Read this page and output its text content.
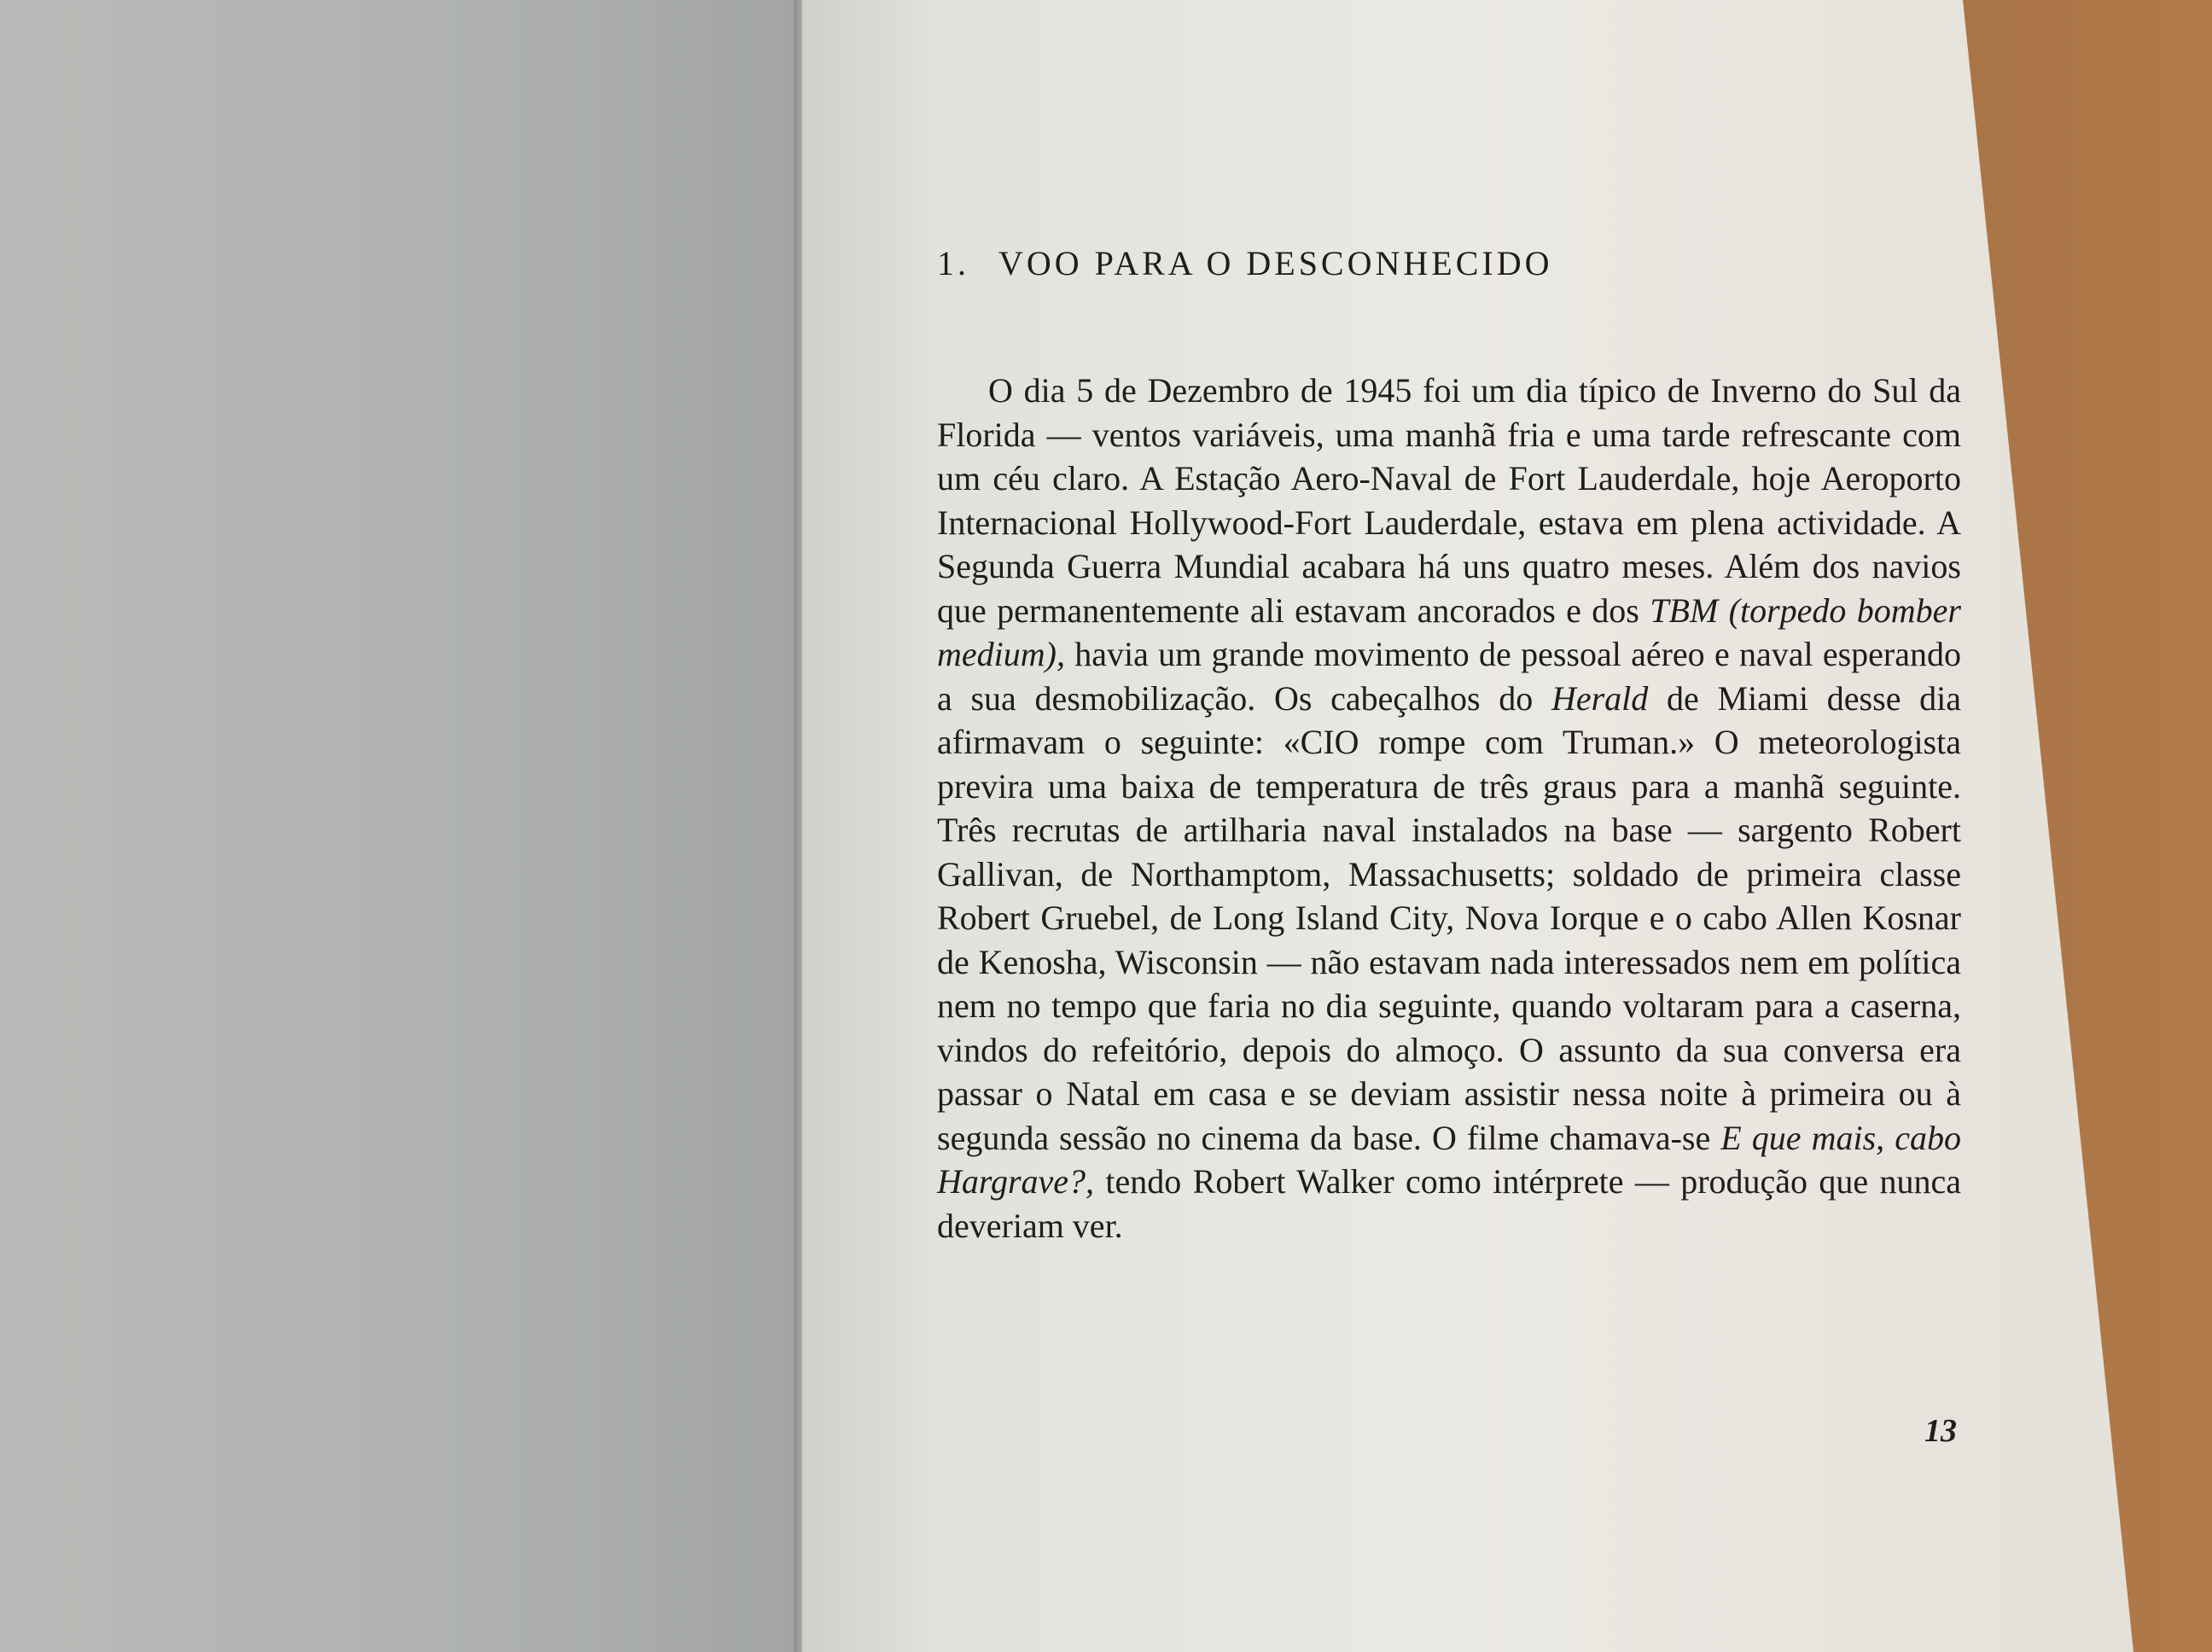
1. VOO PARA O DESCONHECIDO

O dia 5 de Dezembro de 1945 foi um dia típico de Inverno do Sul da Florida — ventos variáveis, uma manhã fria e uma tarde refrescante com um céu claro. A Estação Aero-Naval de Fort Lauderdale, hoje Aeroporto Internacional Hollywood-Fort Lauderdale, estava em plena actividade. A Segunda Guerra Mundial acabara há uns quatro meses. Além dos navios que permanentemente ali estavam ancorados e dos TBM (torpedo bomber medium), havia um grande movimento de pessoal aéreo e naval esperando a sua desmobilização. Os cabeçalhos do Herald de Miami desse dia afirmavam o seguinte: «CIO rompe com Truman.» O meteorologista previra uma baixa de temperatura de três graus para a manhã seguinte. Três recrutas de artilharia naval instalados na base — sargento Robert Gallivan, de Northamptom, Massachusetts; soldado de primeira classe Robert Gruebel, de Long Island City, Nova Iorque e o cabo Allen Kosnar de Kenosha, Wisconsin — não estavam nada interessados nem em política nem no tempo que faria no dia seguinte, quando voltaram para a caserna, vindos do refeitório, depois do almoço. O assunto da sua conversa era passar o Natal em casa e se deviam assistir nessa noite à primeira ou à segunda sessão no cinema da base. O filme chamava-se E que mais, cabo Hargrave?, tendo Robert Walker como intérprete — produção que nunca deveriam ver.

13
